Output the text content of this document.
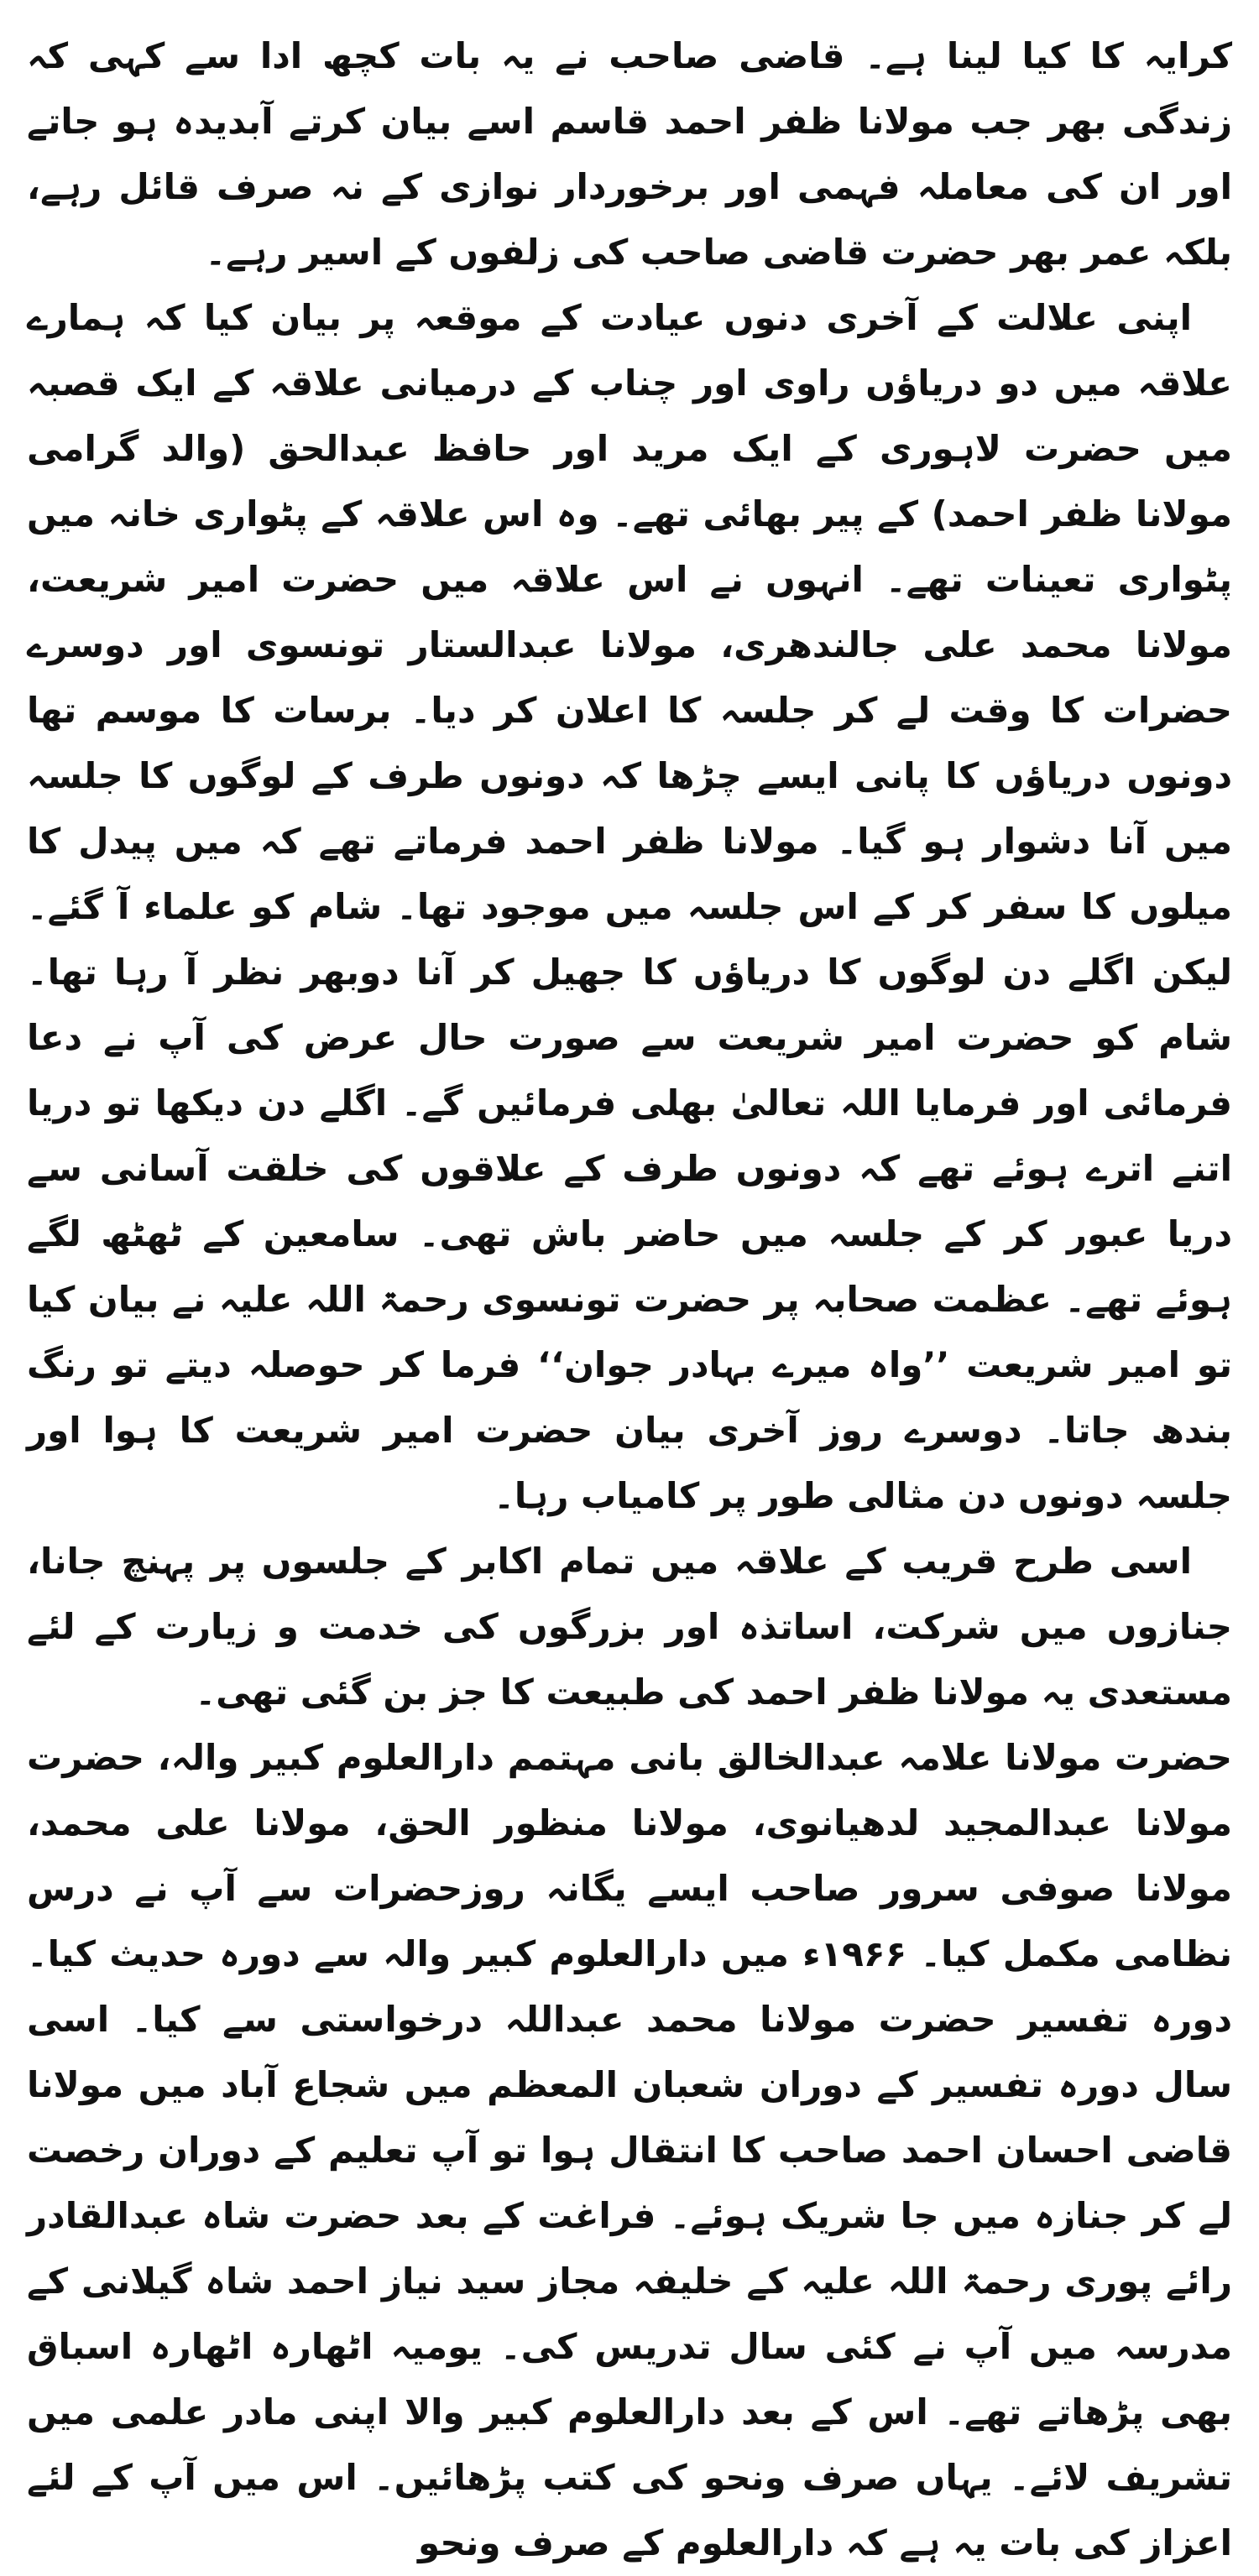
کرایہ کا کیا لینا ہے۔ قاضی صاحب نے یہ بات کچھ ادا سے کہی کہ زندگی بھر جب مولانا ظفر احمد قاسم اسے بیان کرتے آبدیدہ ہو جاتے اور ان کی معاملہ فہمی اور برخوردار نوازی کے نہ صرف قائل رہے، بلکہ عمر بھر حضرت قاضی صاحب کی زلفوں کے اسیر رہے۔

اپنی علالت کے آخری دنوں عیادت کے موقعہ پر بیان کیا کہ ہمارے علاقہ میں دو دریاؤں راوی اور چناب کے درمیانی علاقہ کے ایک قصبہ میں حضرت لاہوری کے ایک مرید اور حافظ عبدالحق (والد گرامی مولانا ظفر احمد) کے پیر بھائی تھے۔ وہ اس علاقہ کے پٹواری خانہ میں پٹواری تعینات تھے۔ انہوں نے اس علاقہ میں حضرت امیر شریعت، مولانا محمد علی جالندھری، مولانا عبدالستار تونسوی اور دوسرے حضرات کا وقت لے کر جلسہ کا اعلان کر دیا۔ برسات کا موسم تھا دونوں دریاؤں کا پانی ایسے چڑھا کہ دونوں طرف کے لوگوں کا جلسہ میں آنا دشوار ہو گیا۔ مولانا ظفر احمد فرماتے تھے کہ میں پیدل کا میلوں کا سفر کر کے اس جلسہ میں موجود تھا۔ شام کو علماء آ گئے۔ لیکن اگلے دن لوگوں کا دریاؤں کا جھیل کر آنا دوبھر نظر آ رہا تھا۔ شام کو حضرت امیر شریعت سے صورت حال عرض کی آپ نے دعا فرمائی اور فرمایا اللہ تعالیٰ بھلی فرمائیں گے۔ اگلے دن دیکھا تو دریا اتنے اترے ہوئے تھے کہ دونوں طرف کے علاقوں کی خلقت آسانی سے دریا عبور کر کے جلسہ میں حاضر باش تھی۔ سامعین کے ٹھٹھ لگے ہوئے تھے۔ عظمت صحابہ پر حضرت تونسوی رحمۃ اللہ علیہ نے بیان کیا تو امیر شریعت ’’واہ میرے بہادر جوان‘‘ فرما کر حوصلہ دیتے تو رنگ بندھ جاتا۔ دوسرے روز آخری بیان حضرت امیر شریعت کا ہوا اور جلسہ دونوں دن مثالی طور پر کامیاب رہا۔

اسی طرح قریب کے علاقہ میں تمام اکابر کے جلسوں پر پہنچ جانا، جنازوں میں شرکت، اساتذہ اور بزرگوں کی خدمت و زیارت کے لئے مستعدی یہ مولانا ظفر احمد کی طبیعت کا جز بن گئی تھی۔

حضرت مولانا علامہ عبدالخالق بانی مہتمم دارالعلوم کبیر والہ، حضرت مولانا عبدالمجید لدھیانوی، مولانا منظور الحق، مولانا علی محمد، مولانا صوفی سرور صاحب ایسے یگانہ روزحضرات سے آپ نے درس نظامی مکمل کیا۔ ۱۹۶۶ء میں دارالعلوم کبیر والہ سے دورہ حدیث کیا۔ دورہ تفسیر حضرت مولانا محمد عبداللہ درخواستی سے کیا۔ اسی سال دورہ تفسیر کے دوران شعبان المعظم میں شجاع آباد میں مولانا قاضی احسان احمد صاحب کا انتقال ہوا تو آپ تعلیم کے دوران رخصت لے کر جنازہ میں جا شریک ہوئے۔ فراغت کے بعد حضرت شاہ عبدالقادر رائے پوری رحمۃ اللہ علیہ کے خلیفہ مجاز سید نیاز احمد شاہ گیلانی کے مدرسہ میں آپ نے کئی سال تدریس کی۔ یومیہ اٹھارہ اٹھارہ اسباق بھی پڑھاتے تھے۔ اس کے بعد دارالعلوم کبیر والا اپنی مادر علمی میں تشریف لائے۔ یہاں صرف ونحو کی کتب پڑھائیں۔ اس میں آپ کے لئے اعزاز کی بات یہ ہے کہ دارالعلوم کے صرف ونحو
